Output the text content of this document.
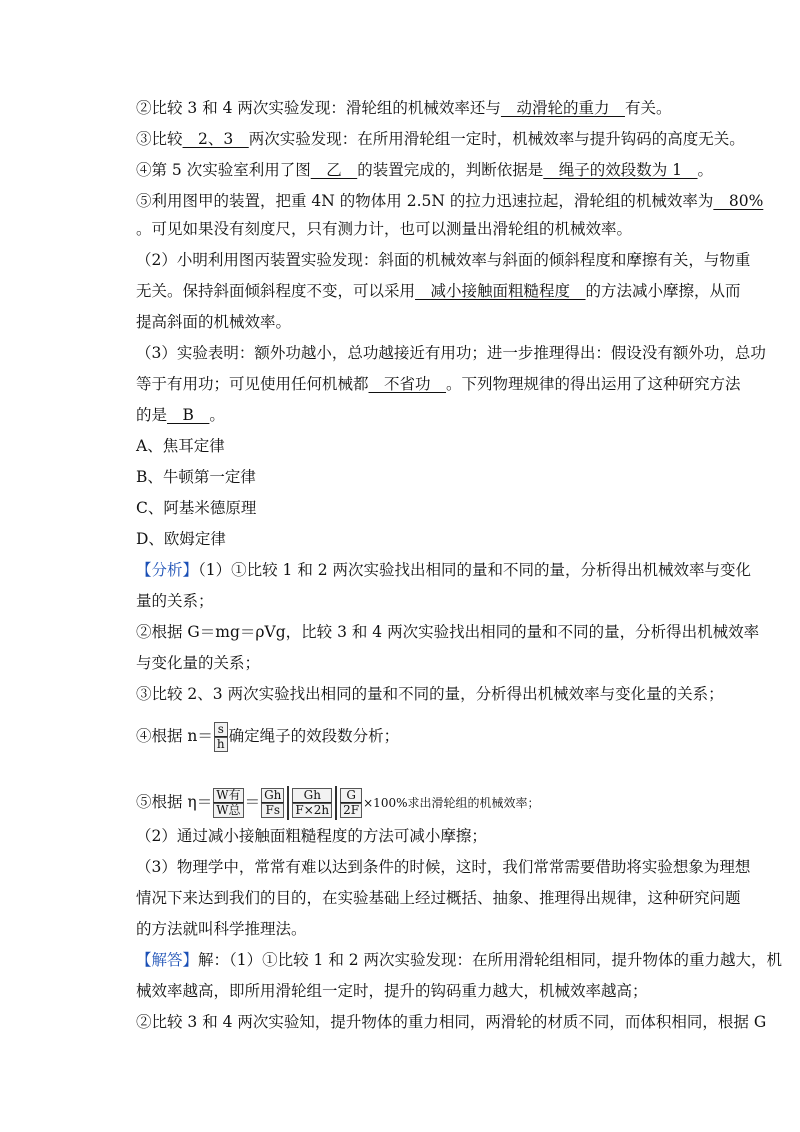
②比较 3 和 4 两次实验发现：滑轮组的机械效率还与　动滑轮的重力　有关。
③比较　2、3　两次实验发现：在所用滑轮组一定时，机械效率与提升钩码的高度无关。
④第 5 次实验室利用了图　乙　的装置完成的，判断依据是　绳子的效段数为 1　。
⑤利用图甲的装置，把重 4N 的物体用 2.5N 的拉力迅速拉起，滑轮组的机械效率为　80%
。可见如果没有刻度尺，只有测力计，也可以测量出滑轮组的机械效率。
（2）小明利用图丙装置实验发现：斜面的机械效率与斜面的倾斜程度和摩擦有关，与物重
无关。保持斜面倾斜程度不变，可以采用　减小接触面粗糙程度　的方法减小摩擦，从而
提高斜面的机械效率。
（3）实验表明：额外功越小，总功越接近有用功；进一步推理得出：假设没有额外功，总功
等于有用功；可见使用任何机械都　不省功　。下列物理规律的得出运用了这种研究方法
的是　B　。
A、焦耳定律
B、牛顿第一定律
C、阿基米德原理
D、欧姆定律
【分析】（1）①比较 1 和 2 两次实验找出相同的量和不同的量，分析得出机械效率与变化
量的关系；
②根据 G＝mg＝ρVg，比较 3 和 4 两次实验找出相同的量和不同的量，分析得出机械效率
与变化量的关系；
③比较 2、3 两次实验找出相同的量和不同的量，分析得出机械效率与变化量的关系；
④根据 $n= \frac{s}{h}$ 确定绳子的效段数分析；
⑤根据 $\eta= \frac{\text{W有}}{\text{W总}} = \frac{Gh}{Fs} \frac{Gh}{F\times 2h} \frac{G}{2F} \times 100\%$求出滑轮组的机械效率；
（2）通过减小接触面粗糙程度的方法可减小摩擦；
（3）物理学中，常常有难以达到条件的时候，这时，我们常常需要借助将实验想象为理想
情况下来达到我们的目的，在实验基础上经过概括、抽象、推理得出规律，这种研究问题
的方法就叫科学推理法。
【解答】解：（1）①比较 1 和 2 两次实验发现：在所用滑轮组相同，提升物体的重力越大，机
械效率越高，即所用滑轮组一定时，提升的钩码重力越大，机械效率越高；
②比较 3 和 4 两次实验知，提升物体的重力相同，两滑轮的材质不同，而体积相同，根据 G
